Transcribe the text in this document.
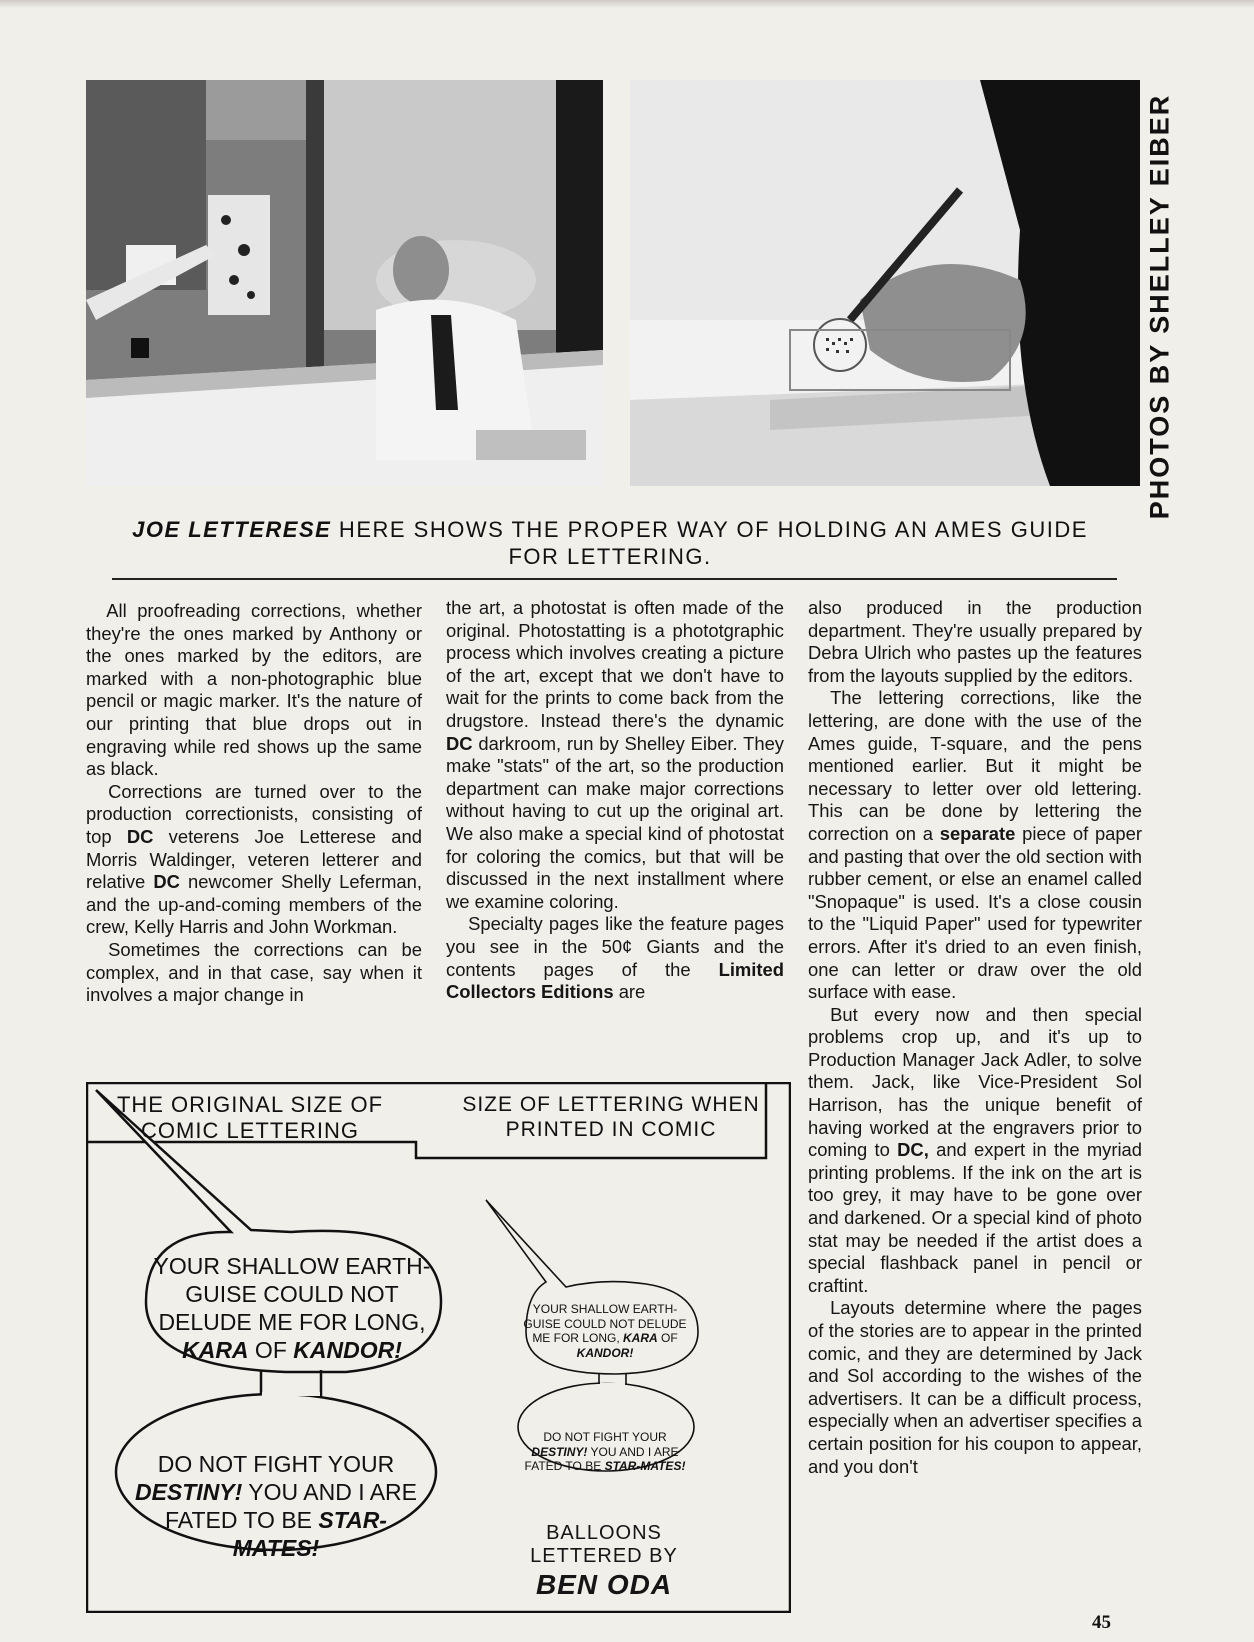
PHOTOS BY SHELLEY EIBER
JOE LETTERESE HERE SHOWS THE PROPER WAY OF HOLDING AN AMES GUIDE FOR LETTERING.

All proofreading corrections, whether they're the ones marked by Anthony or the ones marked by the editors, are marked with a non-photographic blue pencil or magic marker. It's the nature of our printing that blue drops out in engraving while red shows up the same as black.

Corrections are turned over to the production correctionists, consisting of top DC veterens Joe Letterese and Morris Waldinger, veteren letterer and relative DC newcomer Shelly Leferman, and the up-and-coming members of the crew, Kelly Harris and John Workman.

Sometimes the corrections can be complex, and in that case, say when it involves a major change in

the art, a photostat is often made of the original. Photostatting is a phototgraphic process which involves creating a picture of the art, except that we don't have to wait for the prints to come back from the drugstore. Instead there's the dynamic DC darkroom, run by Shelley Eiber. They make "stats" of the art, so the production department can make major corrections without having to cut up the original art. We also make a special kind of photostat for coloring the comics, but that will be discussed in the next installment where we examine coloring.

Specialty pages like the feature pages you see in the 50¢ Giants and the contents pages of the Limited Collectors Editions are

also produced in the production department. They're usually prepared by Debra Ulrich who pastes up the features from the layouts supplied by the editors.

The lettering corrections, like the lettering, are done with the use of the Ames guide, T-square, and the pens mentioned earlier. But it might be necessary to letter over old lettering. This can be done by lettering the correction on a separate piece of paper and pasting that over the old section with rubber cement, or else an enamel called "Snopaque" is used. It's a close cousin to the "Liquid Paper" used for typewriter errors. After it's dried to an even finish, one can letter or draw over the old surface with ease.

But every now and then special problems crop up, and it's up to Production Manager Jack Adler, to solve them. Jack, like Vice-President Sol Harrison, has the unique benefit of having worked at the engravers prior to coming to DC, and expert in the myriad printing problems. If the ink on the art is too grey, it may have to be gone over and darkened. Or a special kind of photo stat may be needed if the artist does a special flashback panel in pencil or craftint.

Layouts determine where the pages of the stories are to appear in the printed comic, and they are determined by Jack and Sol according to the wishes of the advertisers. It can be a difficult process, especially when an advertiser specifies a certain position for his coupon to appear, and you don't

THE ORIGINAL SIZE OF COMIC LETTERING
SIZE OF LETTERING WHEN PRINTED IN COMIC
YOUR SHALLOW EARTH-GUISE COULD NOT DELUDE ME FOR LONG, KARA OF KANDOR!
DO NOT FIGHT YOUR DESTINY! YOU AND I ARE FATED TO BE STAR-MATES!
YOUR SHALLOW EARTH-GUISE COULD NOT DELUDE ME FOR LONG, KARA OF KANDOR!
DO NOT FIGHT YOUR DESTINY! YOU AND I ARE FATED TO BE STAR-MATES!
BALLOONS LETTERED BY
BEN ODA
45
